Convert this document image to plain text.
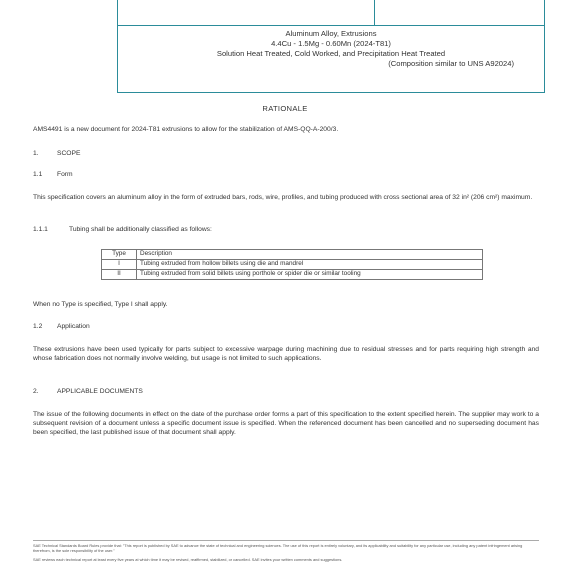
Aluminum Alloy, Extrusions
4.4Cu - 1.5Mg - 0.60Mn (2024-T81)
Solution Heat Treated, Cold Worked, and Precipitation Heat Treated
(Composition similar to UNS A92024)
RATIONALE
AMS4491 is a new document for 2024-T81 extrusions to allow for the stabilization of AMS-QQ-A-200/3.
1.	SCOPE
1.1 Form
This specification covers an aluminum alloy in the form of extruded bars, rods, wire, profiles, and tubing produced with cross sectional area of 32 in² (206 cm²) maximum.
1.1.1	Tubing shall be additionally classified as follows:
Type	Description
I	Tubing extruded from hollow billets using die and mandrel
II	Tubing extruded from solid billets using porthole or spider die or similar tooling
When no Type is specified, Type I shall apply.
1.2 Application
These extrusions have been used typically for parts subject to excessive warpage during machining due to residual stresses and for parts requiring high strength and whose fabrication does not normally involve welding, but usage is not limited to such applications.
2.	APPLICABLE DOCUMENTS
The issue of the following documents in effect on the date of the purchase order forms a part of this specification to the extent specified herein. The supplier may work to a subsequent revision of a document unless a specific document issue is specified. When the referenced document has been cancelled and no superseding document has been specified, the last published issue of that document shall apply.
SAE Technical Standards Board Rules provide that: "This report is published by SAE to advance the state of technical and engineering sciences. The use of this report is entirely voluntary, and its applicability and suitability for any particular use, including any patent infringement arising therefrom, is the sole responsibility of the user."
SAE reviews each technical report at least every five years at which time it may be revised, reaffirmed, stabilized, or cancelled. SAE invites your written comments and suggestions.
